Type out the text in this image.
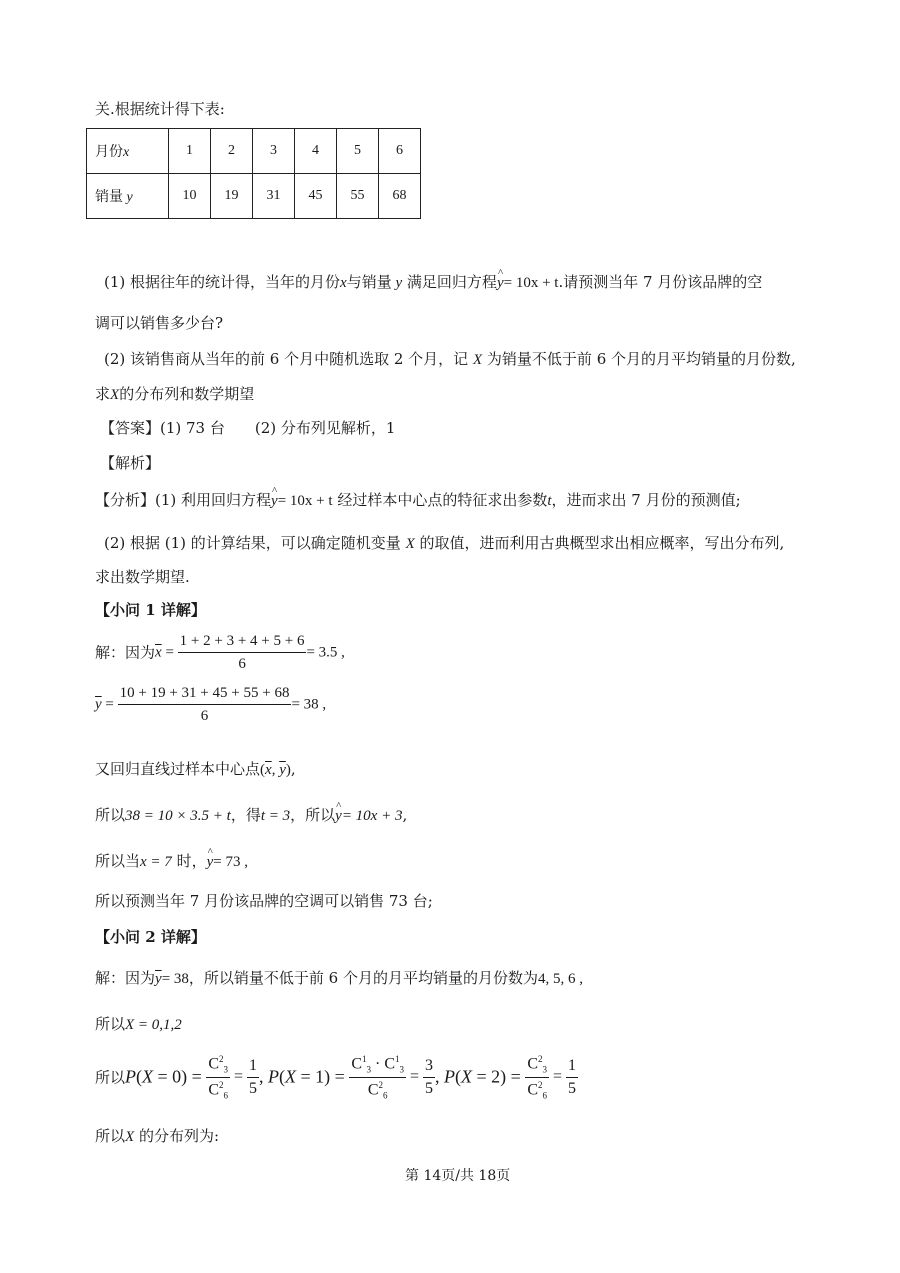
关.根据统计得下表:
月份x	1	2	3	4	5	6
销量 y	10	19	31	45	55	68
(1) 根据往年的统计得，当年的月份x与销量 y 满足回归方程^ y= 10x + t.请预测当年 7 月份该品牌的空
调可以销售多少台?
(2) 该销售商从当年的前 6 个月中随机选取 2 个月，记 X 为销量不低于前 6 个月的月平均销量的月份数,
求X的分布列和数学期望
【答案】(1) 73 台　　(2) 分布列见解析，1
【解析】
【分析】(1) 利用回归方程^ y= 10x + t 经过样本中心点的特征求出参数t，进而求出 7 月份的预测值;
(2) 根据 (1) 的计算结果，可以确定随机变量 X 的取值，进而利用古典概型求出相应概率，写出分布列,
求出数学期望.
【小问 1 详解】
解：因为$\overline{x} = \frac{1 + 2 + 3 + 4 + 5 + 6}{6} = 3.5$ ,
$\overline{y} = \frac{10 + 19 + 31 + 45 + 55 + 68}{6} = 38$ ,
又回归直线过样本中心点($\overline{x}$, $\overline{y}$),
所以38 = 10 × 3.5 + t，得t = 3，所以^ y= 10x + 3,
所以当x = 7 时，^ y= 73 ,
所以预测当年 7 月份该品牌的空调可以销售 73 台;
【小问 2 详解】
解：因为$\overline{y}= 38$，所以销量不低于前 6 个月的月平均销量的月份数为4, 5, 6 ,
所以X = 0,1,2
所以$P(X = 0) = \frac{C^2_3}{C^2_6} = \frac{1}{5}$ , $P(X = 1) = \frac{C^1_3 \cdot C^1_3}{C^2_6} = \frac{3}{5}$ , $P(X = 2) = \frac{C^2_3}{C^2_6} = \frac{1}{5}$
所以X 的分布列为:
第 14页/共 18页
